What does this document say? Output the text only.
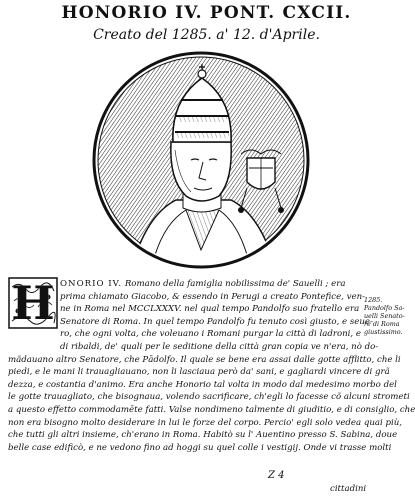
HONORIO IV. PONT. CXCII.
Creato del 1285. a' 12. d'Aprile.
H ONORIO IV. Romano della famiglia nobilissima de' Sauelli ; era
prima chiamato Giacobo, & essendo in Perugi a creato Pontefice, ven-
ne in Roma nel MCCLXXXV. nel qual tempo Pandolfo suo fratello era
Senatore di Roma. In quel tempo Pandolfo fu tenuto così giusto, e seue-
ro, che ogni volta, che voleuano i Romani purgar la città di ladroni, e
di ribaldi, de' quali per le seditione della città gran copia ve n'era, nò do-
mãdauano altro Senatore, che Pādolfo. Il quale se bene era assai dalle gotte afflitto, che li
piedi, e le mani li trauagliauano, non li lasciaua però da' sani, e gagliardi vincere di grã
dezza, e costantia d'animo. Era anche Honorio tal volta in modo dal medesimo morbo del
le gotte trauagliato, che bisognaua, volendo sacrificare, ch'egli lo facesse cõ alcuni strometi
a questo effetto commodamēte fatti. Valse nondimeno talmente di giuditio, e di consiglio, che
non era bisogno molto desiderare in lui le forze del corpo. Percio' egli solo vedea quai più,
che tutti gli altri insieme, ch'erano in Roma. Habitò su l' Auentino presso S. Sabina, doue
belle case edificò, e ne vedono fino ad hoggi su quel colle i vestigij. Onde vi trasse molti
1285.
Pandolfo Sa-
uelli Senato-
re di Roma
giustissimo.
Z 4
cittadini
